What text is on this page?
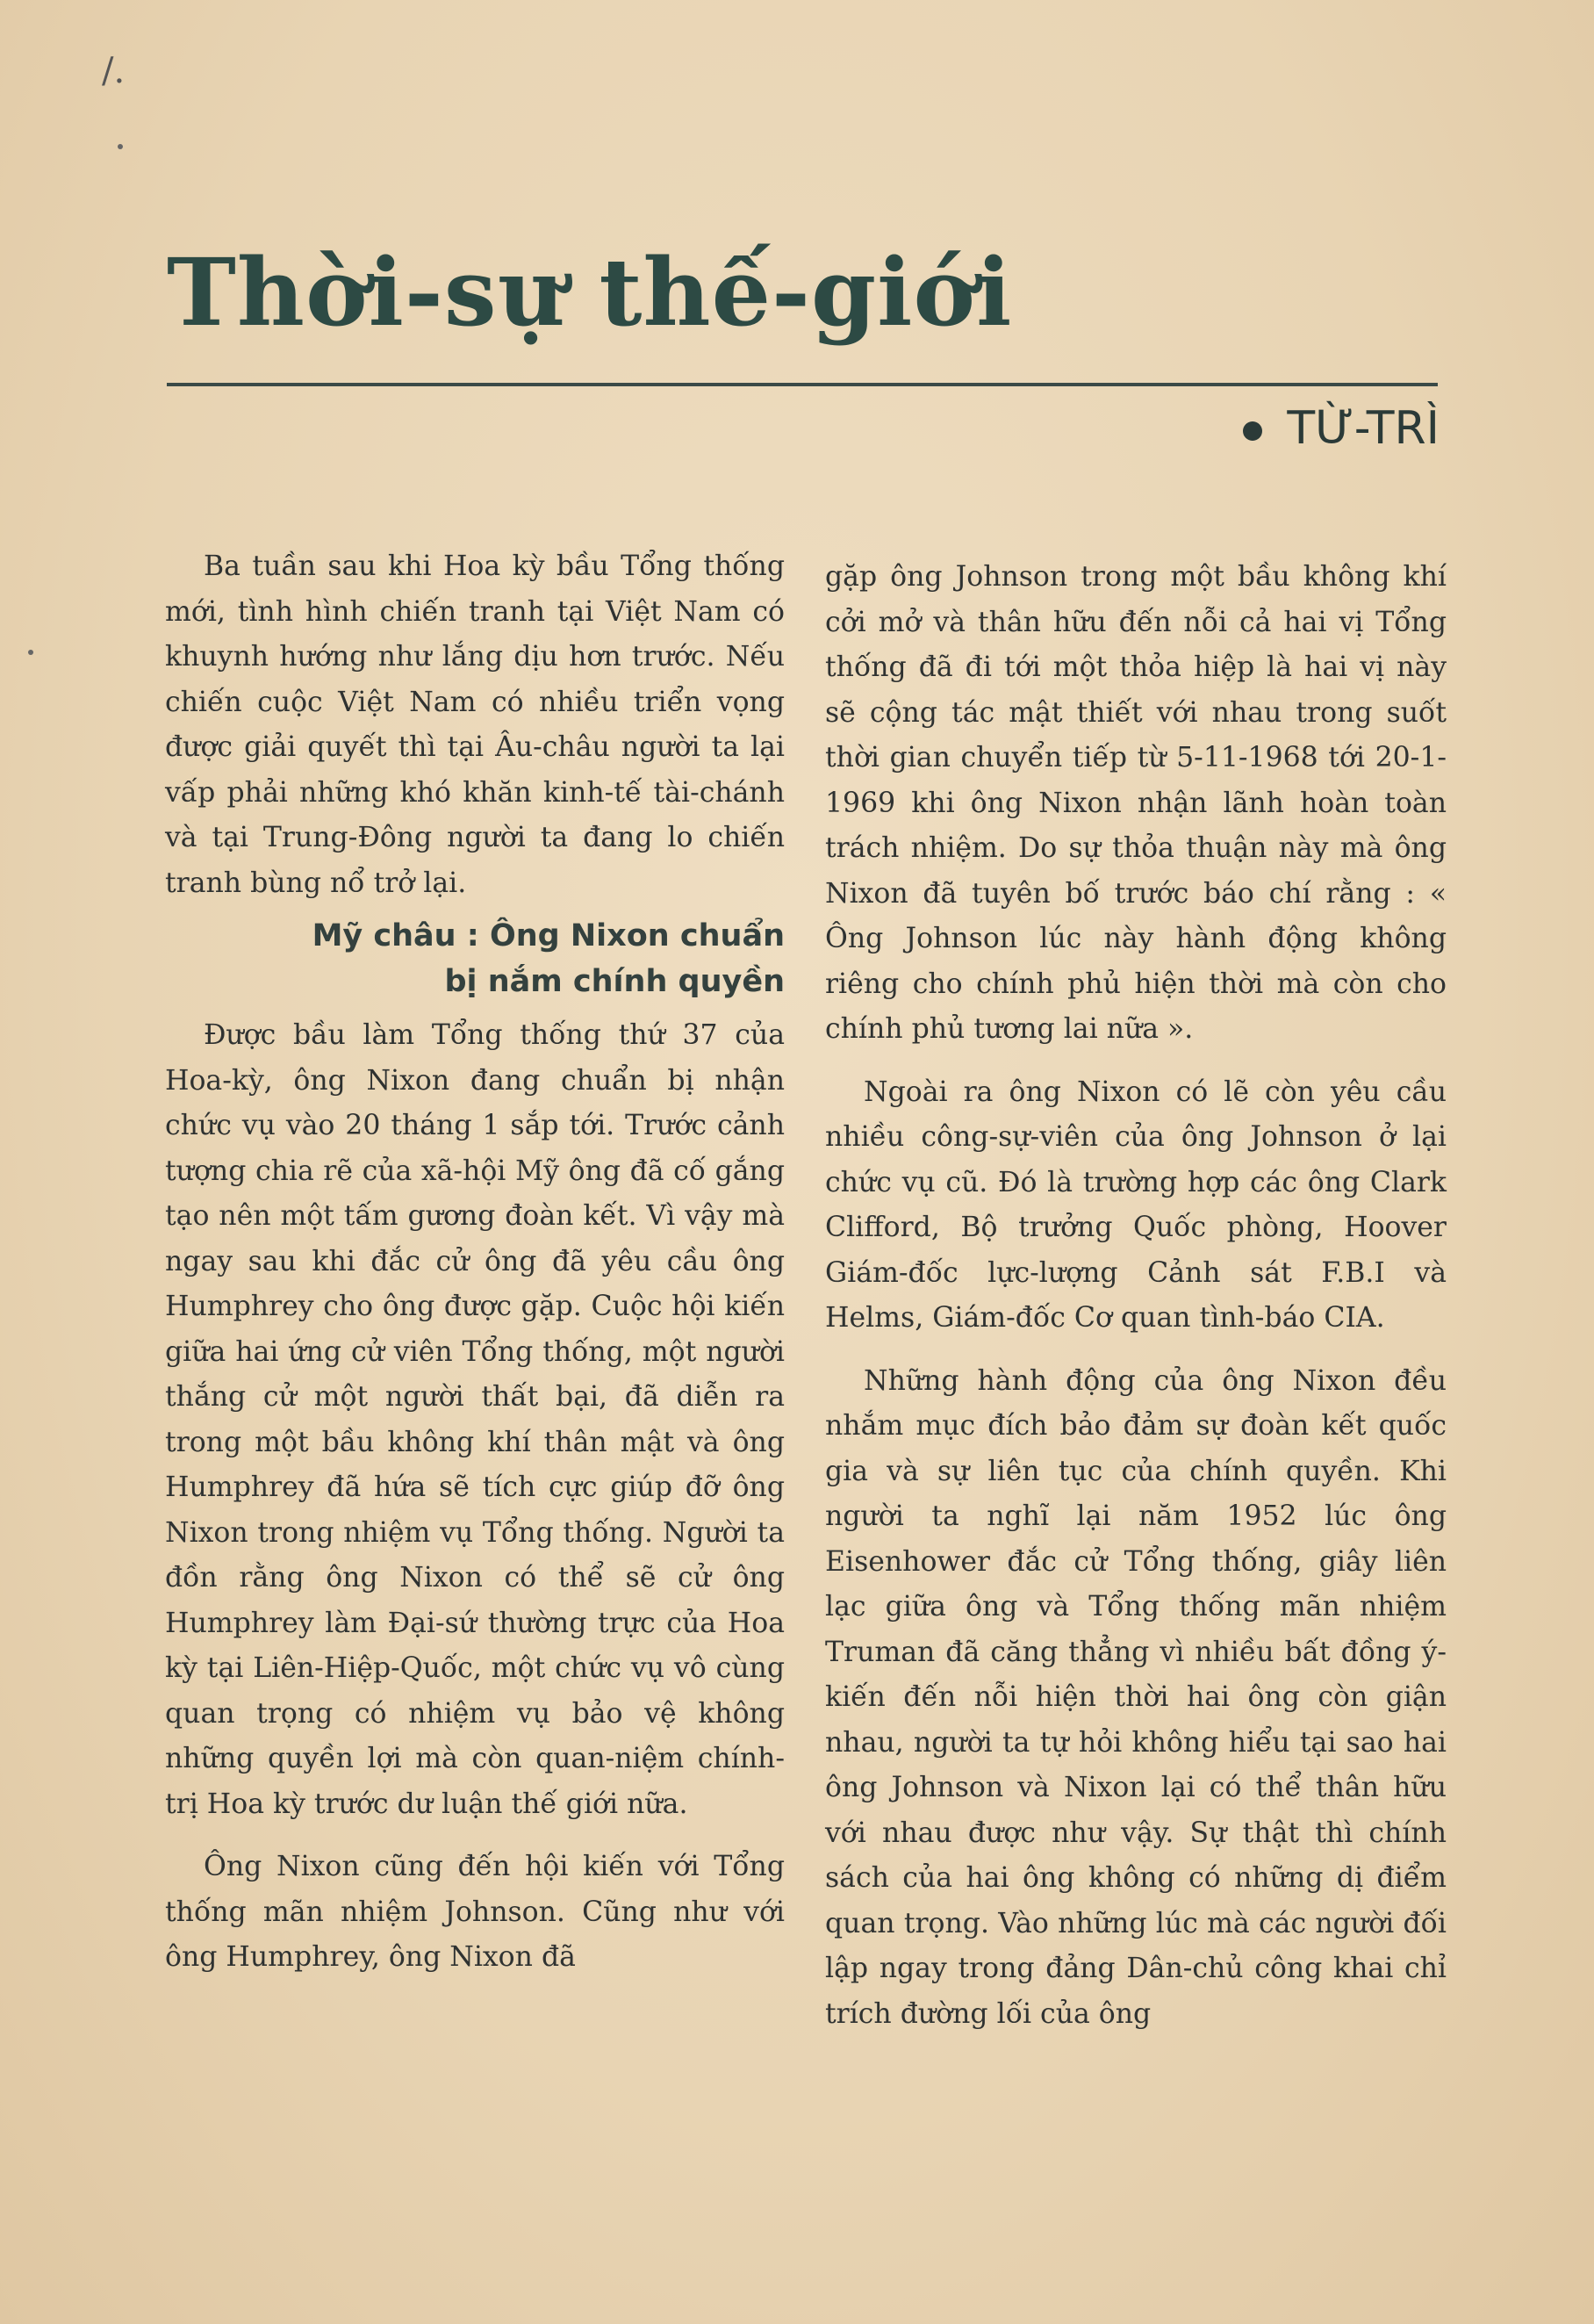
/.
Thời-sự thế-giới
TỪ-TRÌ

Ba tuần sau khi Hoa kỳ bầu Tổng thống mới, tình hình chiến tranh tại Việt Nam có khuynh hướng như lắng dịu hơn trước. Nếu chiến cuộc Việt Nam có nhiều triển vọng được giải quyết thì tại Âu-châu người ta lại vấp phải những khó khăn kinh-tế tài-chánh và tại Trung-Đông người ta đang lo chiến tranh bùng nổ trở lại.

Mỹ châu : Ông Nixon chuẩn
bị nắm chính quyền

Được bầu làm Tổng thống thứ 37 của Hoa-kỳ, ông Nixon đang chuẩn bị nhận chức vụ vào 20 tháng 1 sắp tới. Trước cảnh tượng chia rẽ của xã-hội Mỹ ông đã cố gắng tạo nên một tấm gương đoàn kết. Vì vậy mà ngay sau khi đắc cử ông đã yêu cầu ông Humphrey cho ông được gặp. Cuộc hội kiến giữa hai ứng cử viên Tổng thống, một người thắng cử một người thất bại, đã diễn ra trong một bầu không khí thân mật và ông Humphrey đã hứa sẽ tích cực giúp đỡ ông Nixon trong nhiệm vụ Tổng thống. Người ta đồn rằng ông Nixon có thể sẽ cử ông Humphrey làm Đại-sứ thường trực của Hoa kỳ tại Liên-Hiệp-Quốc, một chức vụ vô cùng quan trọng có nhiệm vụ bảo vệ không những quyền lợi mà còn quan-niệm chính-trị Hoa kỳ trước dư luận thế giới nữa.

Ông Nixon cũng đến hội kiến với Tổng thống mãn nhiệm Johnson. Cũng như với ông Humphrey, ông Nixon đã

gặp ông Johnson trong một bầu không khí cởi mở và thân hữu đến nỗi cả hai vị Tổng thống đã đi tới một thỏa hiệp là hai vị này sẽ cộng tác mật thiết với nhau trong suốt thời gian chuyển tiếp từ 5-11-1968 tới 20-1-1969 khi ông Nixon nhận lãnh hoàn toàn trách nhiệm. Do sự thỏa thuận này mà ông Nixon đã tuyên bố trước báo chí rằng : « Ông Johnson lúc này hành động không riêng cho chính phủ hiện thời mà còn cho chính phủ tương lai nữa ».

Ngoài ra ông Nixon có lẽ còn yêu cầu nhiều công-sự-viên của ông Johnson ở lại chức vụ cũ. Đó là trường hợp các ông Clark Clifford, Bộ trưởng Quốc phòng, Hoover Giám-đốc lực-lượng Cảnh sát F.B.I và Helms, Giám-đốc Cơ quan tình-báo CIA.

Những hành động của ông Nixon đều nhắm mục đích bảo đảm sự đoàn kết quốc gia và sự liên tục của chính quyền. Khi người ta nghĩ lại năm 1952 lúc ông Eisenhower đắc cử Tổng thống, giây liên lạc giữa ông và Tổng thống mãn nhiệm Truman đã căng thẳng vì nhiều bất đồng ý-kiến đến nỗi hiện thời hai ông còn giận nhau, người ta tự hỏi không hiểu tại sao hai ông Johnson và Nixon lại có thể thân hữu với nhau được như vậy. Sự thật thì chính sách của hai ông không có những dị điểm quan trọng. Vào những lúc mà các người đối lập ngay trong đảng Dân-chủ công khai chỉ trích đường lối của ông
